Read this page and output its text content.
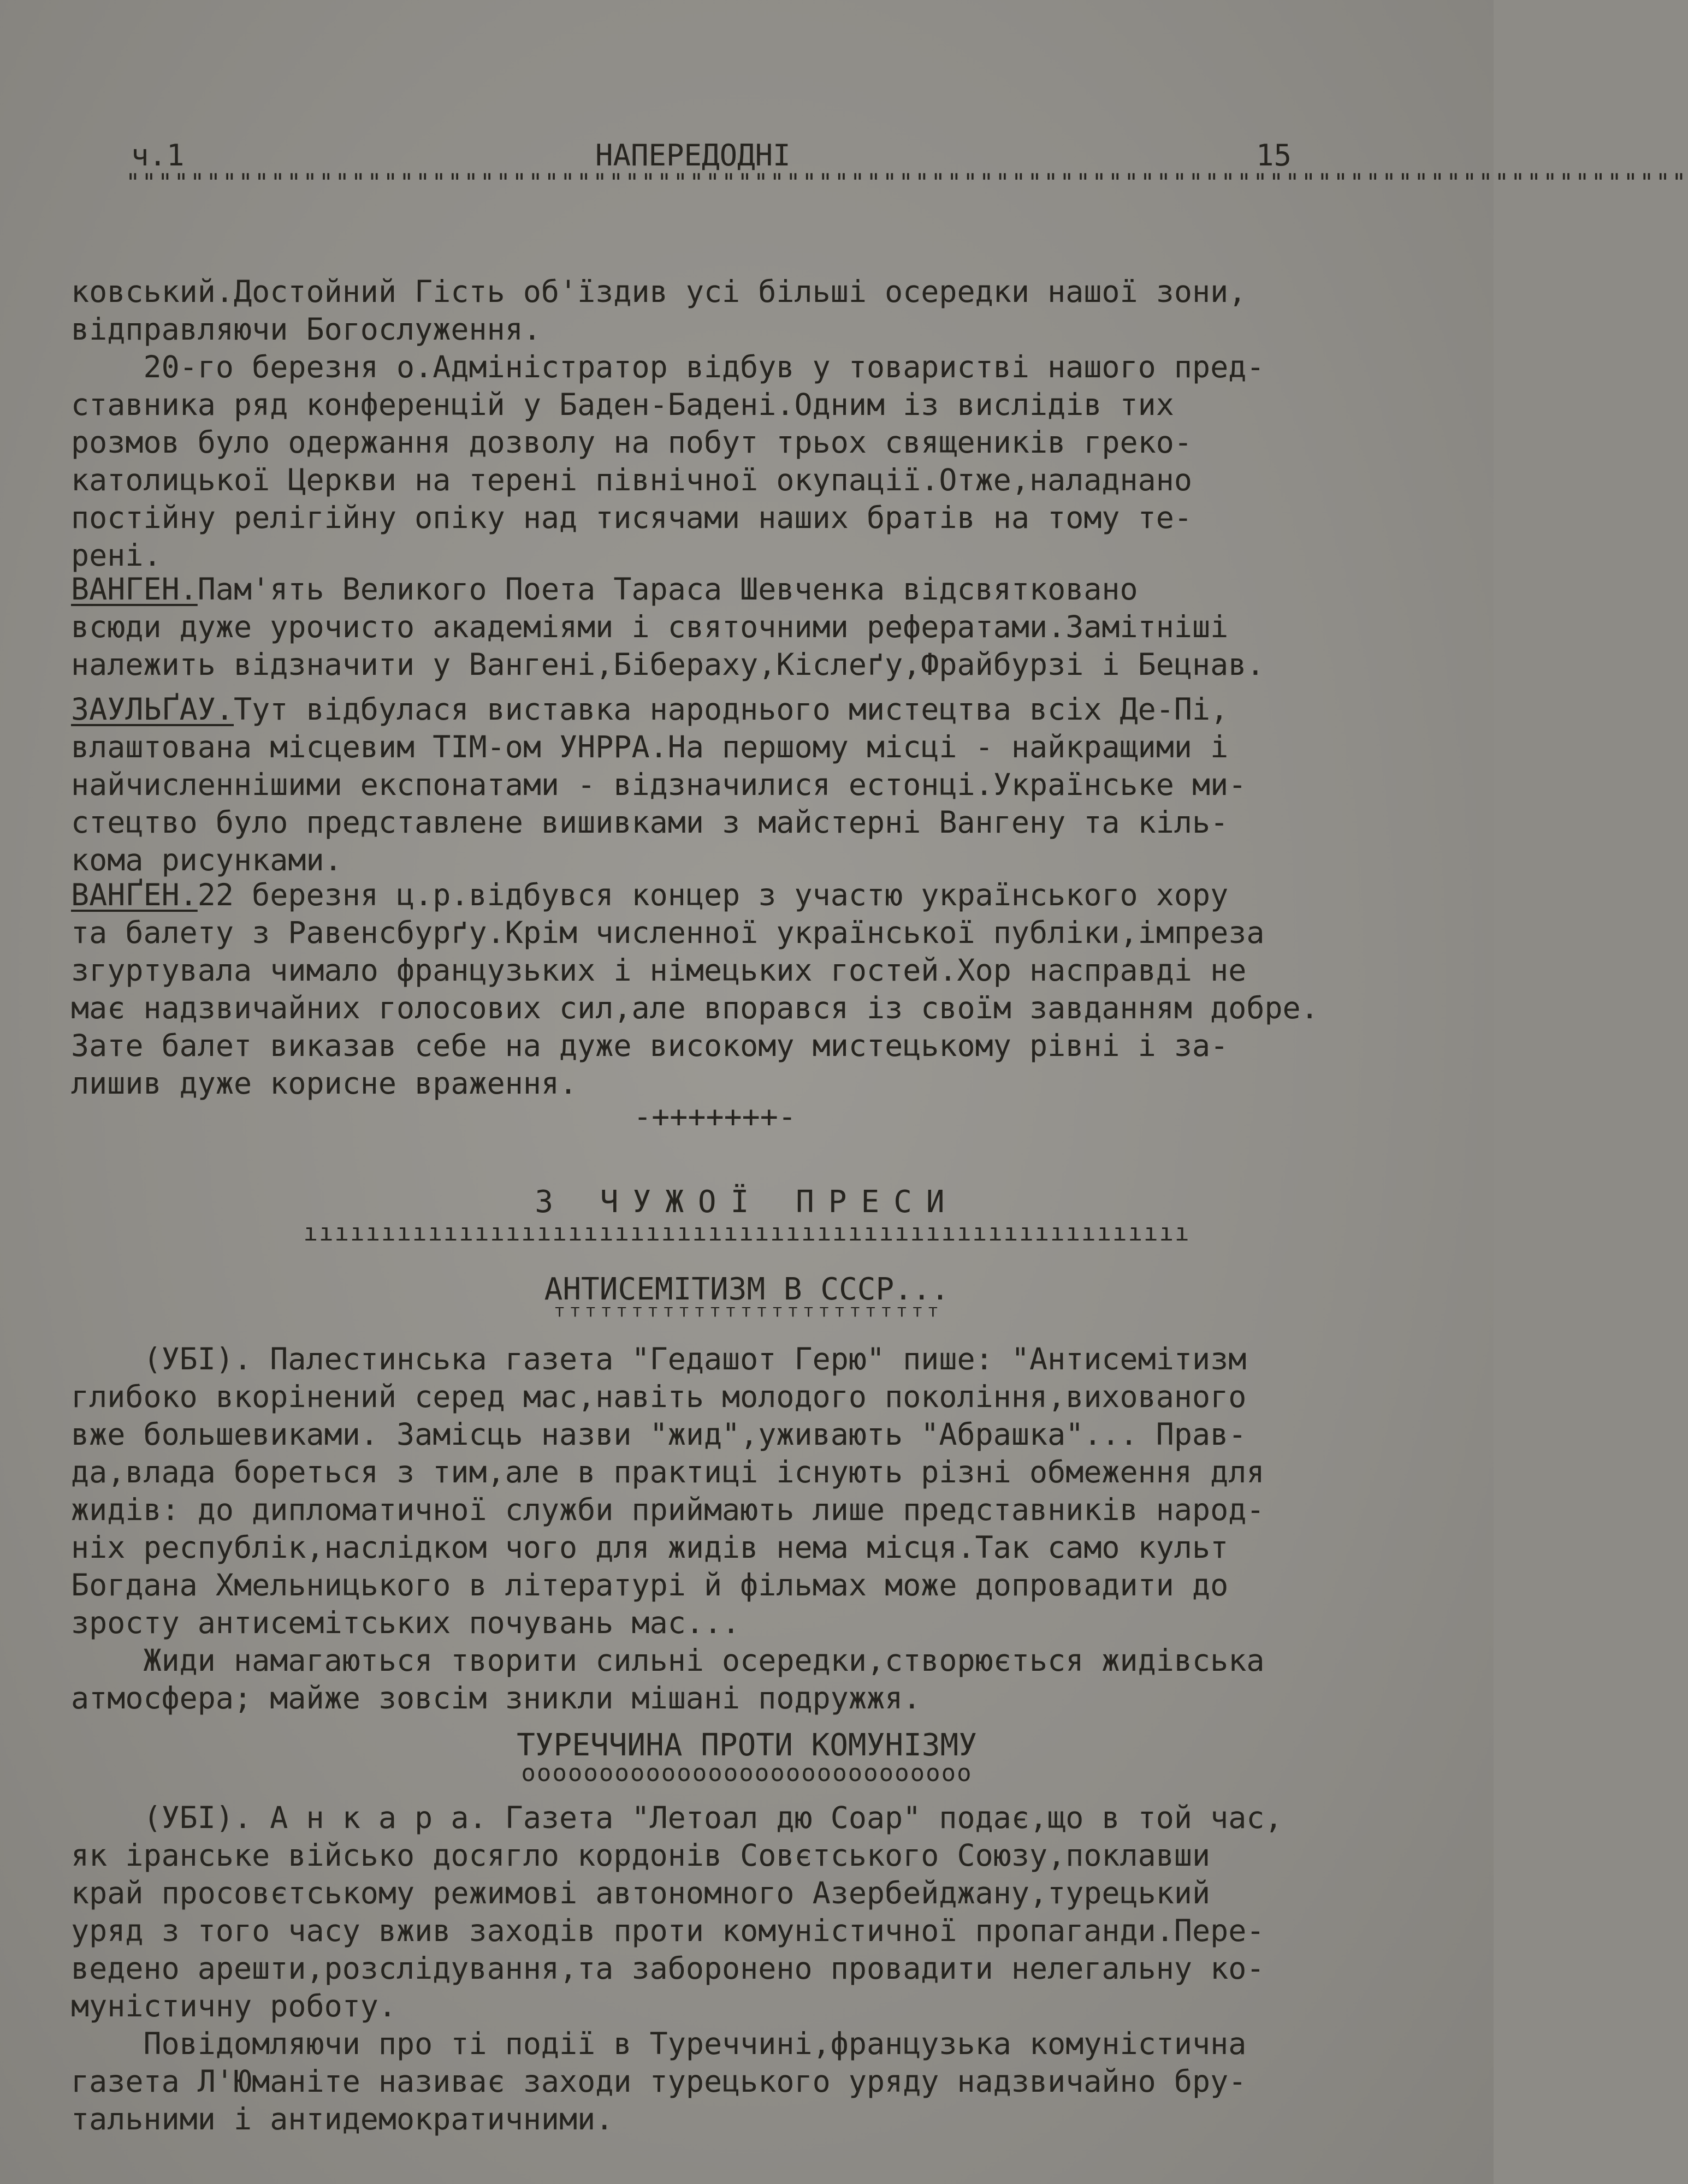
ч.1	НАПЕРЕДОДНІ	15
"""""""""""""""""""""""""""""""""""""""""""""""""""""""""""""""""""""""""""""""""""""""""""""""""
ковський.Достойний Гість об'їздив усі більші осередки нашої зони,
відправляючи Богослуження.
20-го березня о.Адміністратор відбув у товаристві нашого пред-
ставника ряд конференцій у Баден-Бадені.Одним із вислідів тих
розмов було одержання дозволу на побут трьох священиків греко-
католицької Церкви на терені північної окупації.Отже,наладнано
постійну релігійну опіку над тисячами наших братів на тому те-
рені.
ВАНГЕН.Пам'ять Великого Поета Тараса Шевченка відсвятковано
всюди дуже урочисто академіями і святочними рефератами.Замітніші
належить відзначити у Вангені,Бібераху,Кіслеґу,Фрайбурзі і Бецнав.
ЗАУЛЬҐАУ.Тут відбулася виставка народнього мистецтва всіх Де-Пі,
влаштована місцевим ТІМ-ом УНРРА.На першому місці - найкращими і
найчисленнішими експонатами - відзначилися естонці.Українське ми-
стецтво було представлене вишивками з майстерні Вангену та кіль-
кома рисунками.
ВАНҐЕН.22 березня ц.р.відбувся концер з участю українського хору
та балету з Равенсбурґу.Крім численної української публіки,імпреза
згуртувала чимало французьких і німецьких гостей.Хор насправді не
має надзвичайних голосових сил,але впорався із своїм завданням добре.
Зате балет виказав себе на дуже високому мистецькому рівні і за-
лишив дуже корисне враження.
-+++++++-
З ЧУЖОЇ ПРЕСИ
ııııııııııııııııııııııııııııııııııııııııııııııııııııııııı
АНТИСЕМІТИЗМ В СССР...
ᵀᵀᵀᵀᵀᵀᵀᵀᵀᵀᵀᵀᵀᵀᵀᵀᵀᵀᵀᵀᵀᵀᵀᵀᵀ
(УБІ). Палестинська газета "Гедашот Герю" пише: "Антисемітизм
глибоко вкорінений серед мас,навіть молодого покоління,вихованого
вже большевиками. Замісць назви "жид",уживають "Абрашка"... Прав-
да,влада бореться з тим,але в практиці існують різні обмеження для
жидів: до дипломатичної служби приймають лише представників народ-
ніх республік,наслідком чого для жидів нема місця.Так само культ
Богдана Хмельницького в літературі й фільмах може допровадити до
зросту антисемітських почувань мас...
Жиди намагаються творити сильні осередки,створюється жидівська
атмосфера; майже зовсім зникли мішані подружжя.
ТУРЕЧЧИНА ПРОТИ КОМУНІЗМУ
ooooooooooooooooooooooooooooo
(УБІ). А н к а р а. Газета "Летоал дю Соар" подає,що в той час,
як іранське військо досягло кордонів Совєтського Союзу,поклавши
край просовєтському режимові автономного Азербейджану,турецький
уряд з того часу вжив заходів проти комуністичної пропаганди.Пере-
ведено арешти,розслідування,та заборонено провадити нелегальну ко-
муністичну роботу.
Повідомляючи про ті події в Туреччині,французька комуністична
газета Л'Юманіте називає заходи турецького уряду надзвичайно бру-
тальними і антидемократичними.
